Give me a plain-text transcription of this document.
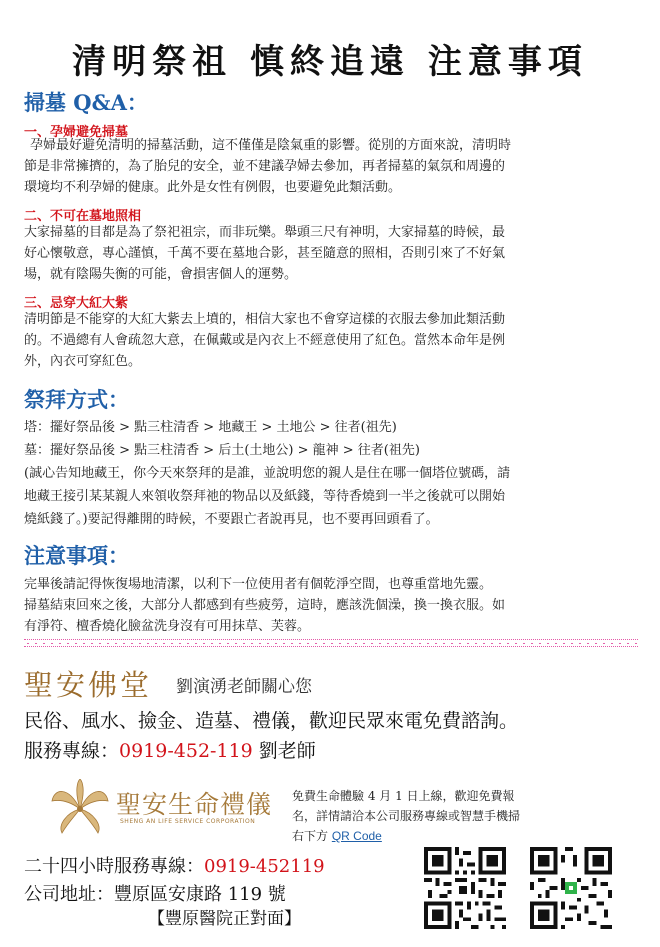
清明祭祖 慎終追遠 注意事項
掃墓 Q&A：
一、孕婦避免掃墓
孕婦最好避免清明的掃墓活動，這不僅僅是陰氣重的影響。從別的方面來說，清明時
節是非常擁擠的，為了胎兒的安全，並不建議孕婦去參加，再者掃墓的氣氛和周邊的
環境均不利孕婦的健康。此外是女性有例假，也要避免此類活動。
二、不可在墓地照相
大家掃墓的目都是為了祭祀祖宗，而非玩樂。舉頭三尺有神明，大家掃墓的時候，最
好心懷敬意，專心謹慎，千萬不要在墓地合影，甚至隨意的照相，否則引來了不好氣
場，就有陰陽失衡的可能，會損害個人的運勢。
三、忌穿大紅大紫
清明節是不能穿的大紅大紫去上墳的，相信大家也不會穿這樣的衣服去參加此類活動
的。不過總有人會疏忽大意，在佩戴或是內衣上不經意使用了紅色。當然本命年是例
外，內衣可穿紅色。
祭拜方式：
塔：擺好祭品後 > 點三柱清香 > 地藏王 > 土地公 > 往者(祖先)
墓：擺好祭品後 > 點三柱清香 > 后土(土地公) > 龍神 > 往者(祖先)
(誠心告知地藏王，你今天來祭拜的是誰，並說明您的親人是住在哪一個塔位號碼，請
地藏王接引某某親人來領收祭拜祂的物品以及紙錢，等待香燒到一半之後就可以開始
燒紙錢了。)要記得離開的時候，不要跟亡者說再見，也不要再回頭看了。
注意事項：
完畢後請記得恢復場地清潔，以利下一位使用者有個乾淨空間，也尊重當地先靈。
掃墓結束回來之後，大部分人都感到有些疲勞，這時，應該洗個澡，換一換衣服。如
有淨符、檀香燒化臉盆洗身沒有可用抹草、芙蓉。
聖安佛堂 劉演湧老師關心您
民俗、風水、撿金、造墓、禮儀，歡迎民眾來電免費諮詢。
服務專線：0919-452-119 劉老師
聖安生命禮儀
SHENG AN LIFE SERVICE CORPORATION
免費生命體驗 4 月 1 日上線，歡迎免費報
名，詳情請洽本公司服務專線或智慧手機掃
右下方 QR Code
二十四小時服務專線：0919-452119
公司地址：豐原區安康路 119 號
【豐原醫院正對面】
